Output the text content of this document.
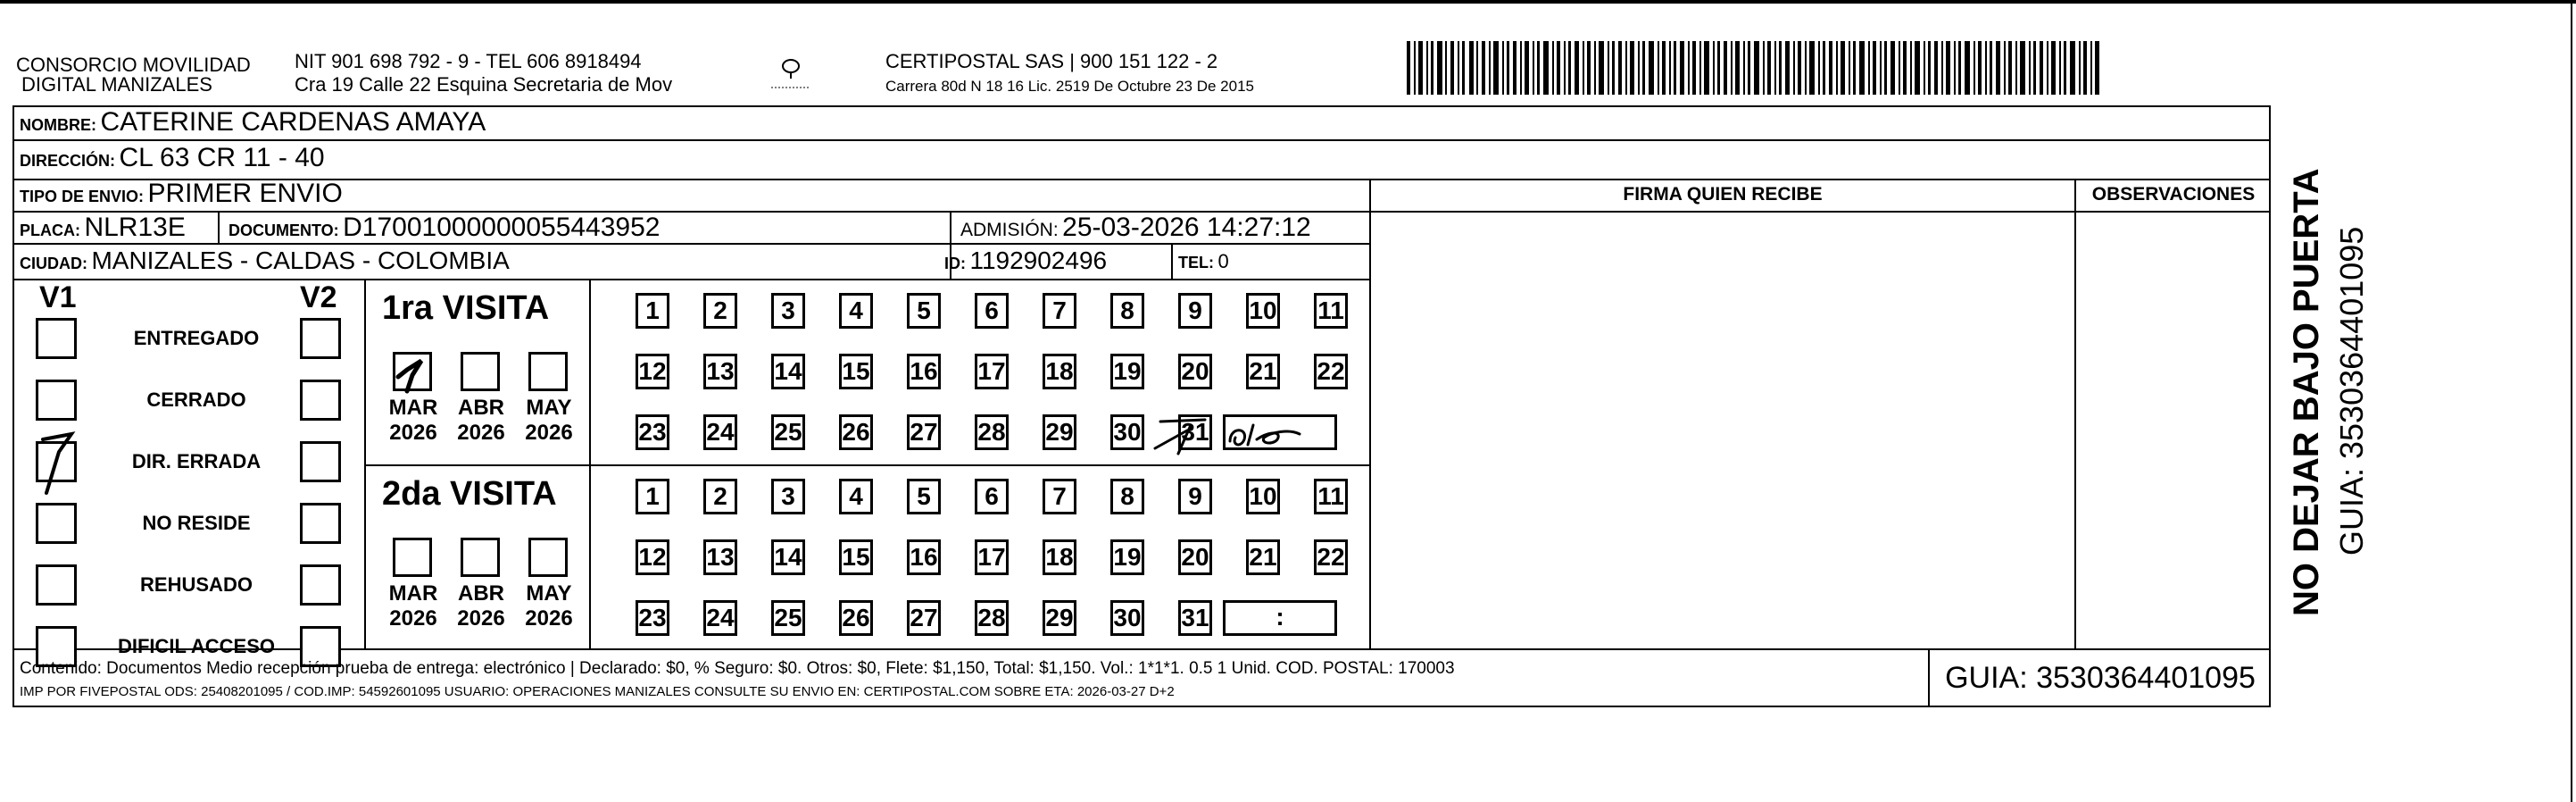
CONSORCIO MOVILIDAD
DIGITAL MANIZALES
NIT 901 698 792 - 9 - TEL 606 8918494
Cra 19 Calle 22 Esquina Secretaria de Mov
CERTIPOSTAL SAS | 900 151 122 - 2
Carrera 80d N 18 16 Lic. 2519 De Octubre 23 De 2015
NOMBRE: CATERINE CARDENAS AMAYA
DIRECCIÓN: CL 63 CR 11 - 40
TIPO DE ENVIO: PRIMER ENVIO	FIRMA QUIEN RECIBE	OBSERVACIONES
PLACA: NLR13E	DOCUMENTO: D17001000000055443952	ADMISIÓN: 25-03-2026 14:27:12
CIUDAD: MANIZALES - CALDAS - COLOMBIA	ID: 1192902496	TEL: 0
V1	V2
ENTREGADO
CERRADO
DIR. ERRADA
NO RESIDE
REHUSADO
DIFICIL ACCESO
1ra VISITA
MAR
2026
ABR
2026
MAY
2026
1	2	3	4	5	6	7	8	9	10 11
12 13 14 15 16 17 18 19 20 21 22
23 24 25 26 27 28 29 30 31
2da VISITA
MAR
2026
ABR
2026
MAY
2026
1	2	3	4	5	6	7	8	9	10 11
12 13 14 15 16 17 18 19 20 21 22
23 24 25 26 27 28 29 30 31	:
Contenido: Documentos Medio recepción prueba de entrega: electrónico | Declarado: $0, % Seguro: $0. Otros: $0, Flete: $1,150, Total: $1,150. Vol.: 1*1*1. 0.5 1 Unid. COD. POSTAL: 170003
IMP POR FIVEPOSTAL ODS: 25408201095 / COD.IMP: 54592601095 USUARIO: OPERACIONES MANIZALES CONSULTE SU ENVIO EN: CERTIPOSTAL.COM SOBRE ETA: 2026-03-27 D+2	GUIA: 3530364401095
NO DEJAR BAJO PUERTA GUIA: 3530364401095
